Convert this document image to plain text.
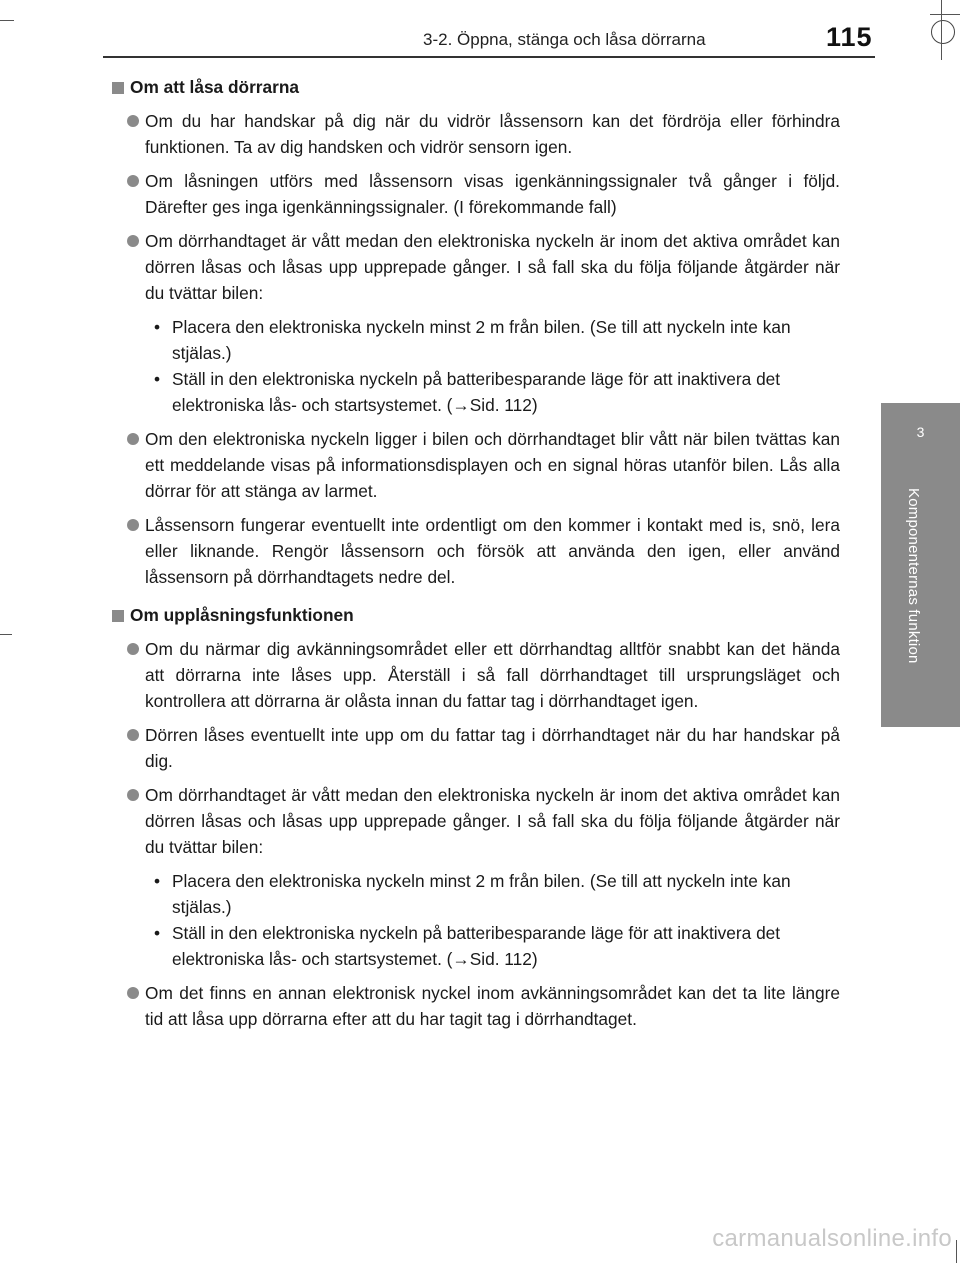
3-2. Öppna, stänga och låsa dörrarna	115
3
Komponenternas funktion
Om att låsa dörrarna
Om du har handskar på dig när du vidrör låssensorn kan det fördröja eller förhindra funktionen. Ta av dig handsken och vidrör sensorn igen.
Om låsningen utförs med låssensorn visas igenkänningssignaler två gånger i följd. Därefter ges inga igenkänningssignaler. (I förekommande fall)
Om dörrhandtaget är vått medan den elektroniska nyckeln är inom det aktiva området kan dörren låsas och låsas upp upprepade gånger. I så fall ska du följa följande åtgärder när du tvättar bilen:
• Placera den elektroniska nyckeln minst 2 m från bilen. (Se till att nyckeln inte kan stjälas.)
• Ställ in den elektroniska nyckeln på batteribesparande läge för att inaktivera det elektroniska lås- och startsystemet. (→Sid. 112)
Om den elektroniska nyckeln ligger i bilen och dörrhandtaget blir vått när bilen tvättas kan ett meddelande visas på informationsdisplayen och en signal höras utanför bilen. Lås alla dörrar för att stänga av larmet.
Låssensorn fungerar eventuellt inte ordentligt om den kommer i kontakt med is, snö, lera eller liknande. Rengör låssensorn och försök att använda den igen, eller använd låssensorn på dörrhandtagets nedre del.
Om upplåsningsfunktionen
Om du närmar dig avkänningsområdet eller ett dörrhandtag alltför snabbt kan det hända att dörrarna inte låses upp. Återställ i så fall dörrhandtaget till ursprungsläget och kontrollera att dörrarna är olåsta innan du fattar tag i dörrhandtaget igen.
Dörren låses eventuellt inte upp om du fattar tag i dörrhandtaget när du har handskar på dig.
Om dörrhandtaget är vått medan den elektroniska nyckeln är inom det aktiva området kan dörren låsas och låsas upp upprepade gånger. I så fall ska du följa följande åtgärder när du tvättar bilen:
• Placera den elektroniska nyckeln minst 2 m från bilen. (Se till att nyckeln inte kan stjälas.)
• Ställ in den elektroniska nyckeln på batteribesparande läge för att inaktivera det elektroniska lås- och startsystemet. (→Sid. 112)
Om det finns en annan elektronisk nyckel inom avkänningsområdet kan det ta lite längre tid att låsa upp dörrarna efter att du har tagit tag i dörrhandtaget.
carmanualsonline.info
